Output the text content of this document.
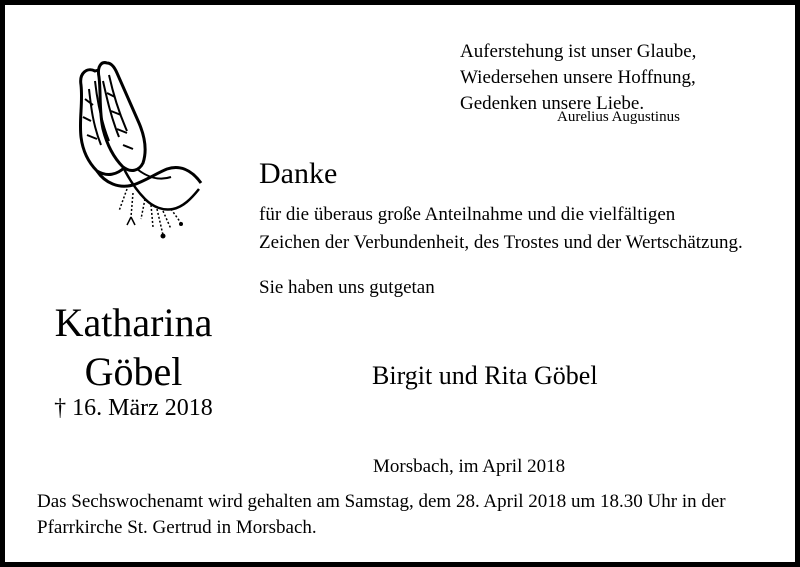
Auferstehung ist unser Glaube,
Wiedersehen unsere Hoffnung,
Gedenken unsere Liebe.
Aurelius Augustinus
Danke
für die überaus große Anteilnahme und die vielfältigen
Zeichen der Verbundenheit, des Trostes und der Wertschätzung.
Sie haben uns gutgetan
Katharina
Göbel
† 16. März 2018
Birgit und Rita Göbel
Morsbach, im April 2018
Das Sechswochenamt wird gehalten am Samstag, dem 28. April 2018 um 18.30 Uhr in der
Pfarrkirche St. Gertrud in Morsbach.
